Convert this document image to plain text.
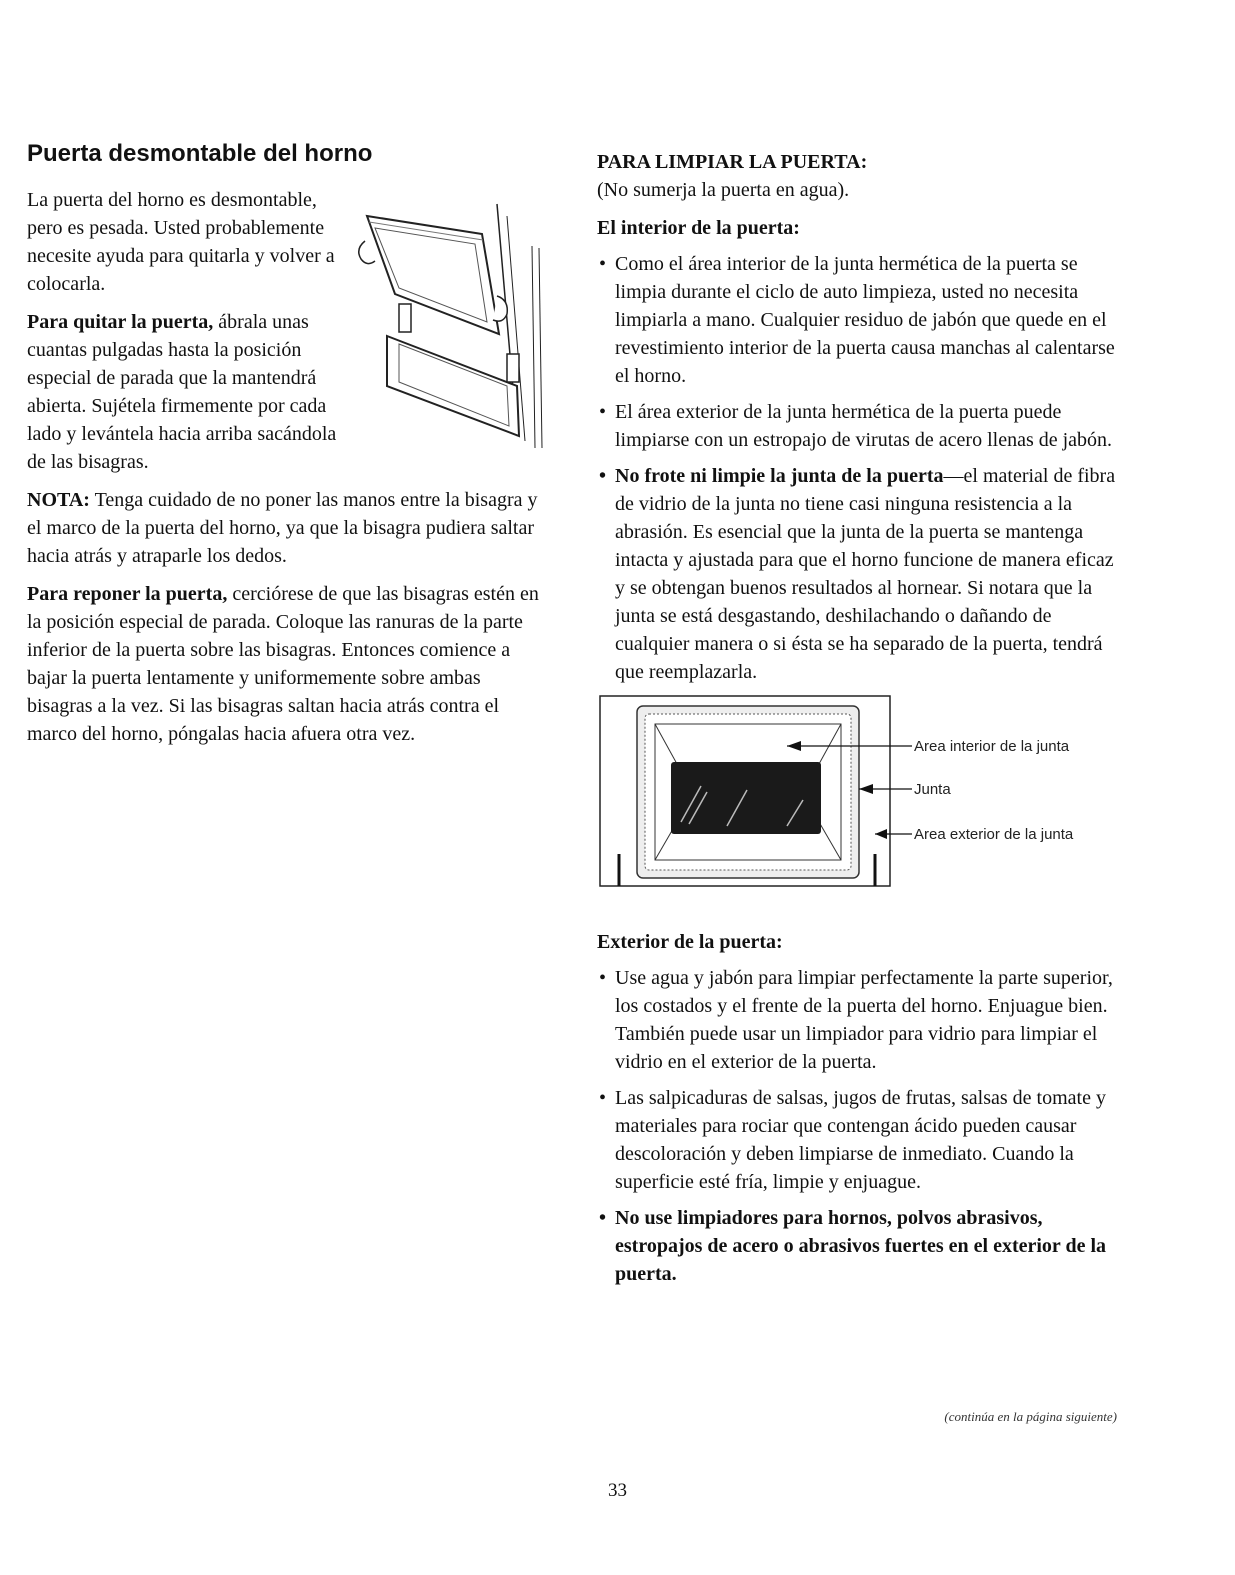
Puerta desmontable del horno

La puerta del horno es desmontable, pero es pesada. Usted probablemente necesite ayuda para quitarla y volver a colocarla.

Para quitar la puerta, ábrala unas cuantas pulgadas hasta la posición especial de parada que la mantendrá abierta. Sujétela firmemente por cada lado y levántela hacia arriba sacándola de las bisagras.

NOTA: Tenga cuidado de no poner las manos entre la bisagra y el marco de la puerta del horno, ya que la bisagra pudiera saltar hacia atrás y atraparle los dedos.

Para reponer la puerta, cerciórese de que las bisagras estén en la posición especial de parada. Coloque las ranuras de la parte inferior de la puerta sobre las bisagras. Entonces comience a bajar la puerta lentamente y uniformemente sobre ambas bisagras a la vez. Si las bisagras saltan hacia atrás contra el marco del horno, póngalas hacia afuera otra vez.

PARA LIMPIAR LA PUERTA:

(No sumerja la puerta en agua).

El interior de la puerta:

• Como el área interior de la junta hermética de la puerta se limpia durante el ciclo de auto limpieza, usted no necesita limpiarla a mano. Cualquier residuo de jabón que quede en el revestimiento interior de la puerta causa manchas al calentarse el horno.
• El área exterior de la junta hermética de la puerta puede limpiarse con un estropajo de virutas de acero llenas de jabón.
• No frote ni limpie la junta de la puerta—el material de fibra de vidrio de la junta no tiene casi ninguna resistencia a la abrasión. Es esencial que la junta de la puerta se mantenga intacta y ajustada para que el horno funcione de manera eficaz y se obtengan buenos resultados al hornear. Si notara que la junta se está desgastando, deshilachando o dañando de cualquier manera o si ésta se ha separado de la puerta, tendrá que reemplazarla.
Area interior de la junta
Junta
Area exterior de la junta

Exterior de la puerta:

• Use agua y jabón para limpiar perfectamente la parte superior, los costados y el frente de la puerta del horno. Enjuague bien. También puede usar un limpiador para vidrio para limpiar el vidrio en el exterior de la puerta.
• Las salpicaduras de salsas, jugos de frutas, salsas de tomate y materiales para rociar que contengan ácido pueden causar descoloración y deben limpiarse de inmediato. Cuando la superficie esté fría, limpie y enjuague.
• No use limpiadores para hornos, polvos abrasivos, estropajos de acero o abrasivos fuertes en el exterior de la puerta.
(continúa en la página siguiente)
33
